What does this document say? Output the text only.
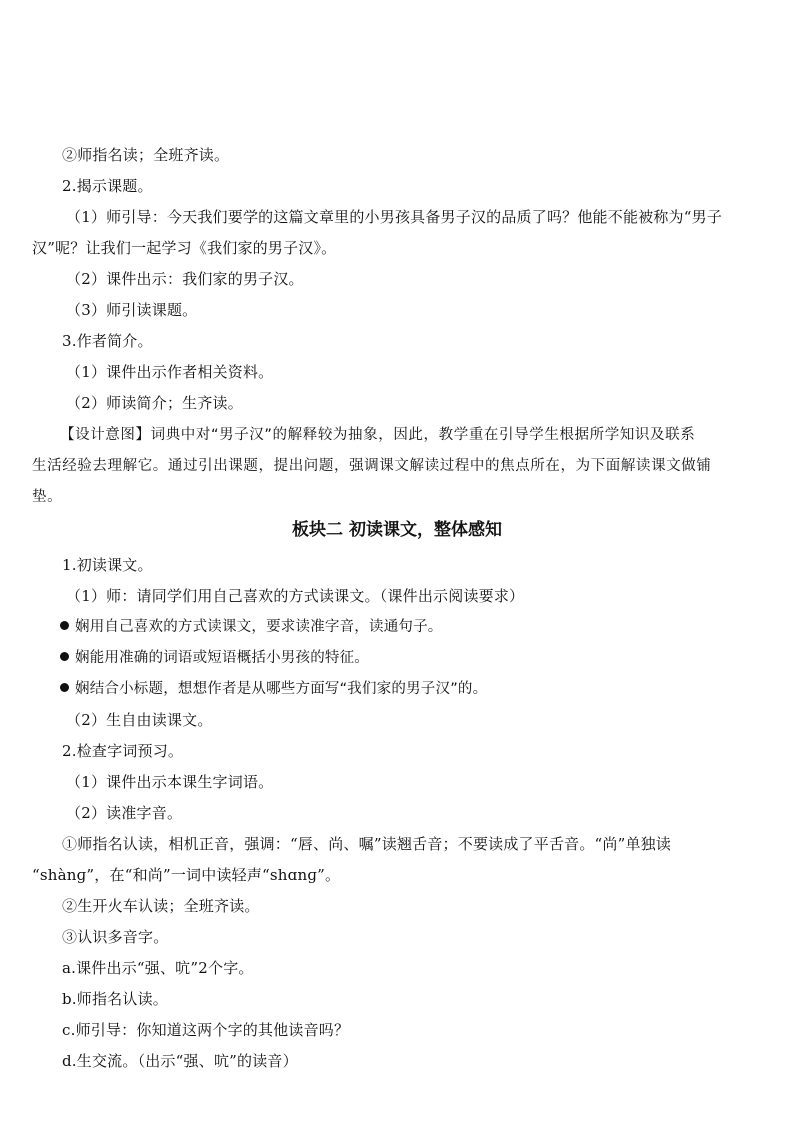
②师指名读；全班齐读。
2.揭示课题。
（1）师引导：今天我们要学的这篇文章里的小男孩具备男子汉的品质了吗？他能不能被称为“男子
汉”呢？让我们一起学习《我们家的男子汉》。
（2）课件出示：我们家的男子汉。
（3）师引读课题。
3.作者简介。
（1）课件出示作者相关资料。
（2）师读简介；生齐读。
【设计意图】词典中对“男子汉”的解释较为抽象，因此，教学重在引导学生根据所学知识及联系
生活经验去理解它。通过引出课题，提出问题，强调课文解读过程中的焦点所在，为下面解读课文做铺
垫。
板块二 初读课文，整体感知
1.初读课文。
（1）师：请同学们用自己喜欢的方式读课文。（课件出示阅读要求）
娴用自己喜欢的方式读课文，要求读准字音，读通句子。
娴能用准确的词语或短语概括小男孩的特征。
娴结合小标题，想想作者是从哪些方面写“我们家的男子汉”的。
（2）生自由读课文。
2.检查字词预习。
（1）课件出示本课生字词语。
（2）读准字音。
①师指名认读，相机正音，强调：“唇、尚、嘱”读翘舌音；不要读成了平舌音。“尚”单独读
“shànɡ”，在“和尚”一词中读轻声“shɑnɡ”。
②生开火车认读；全班齐读。
③认识多音字。
a.课件出示“强、吭”2个字。
b.师指名认读。
c.师引导：你知道这两个字的其他读音吗？
d.生交流。（出示“强、吭”的读音）
